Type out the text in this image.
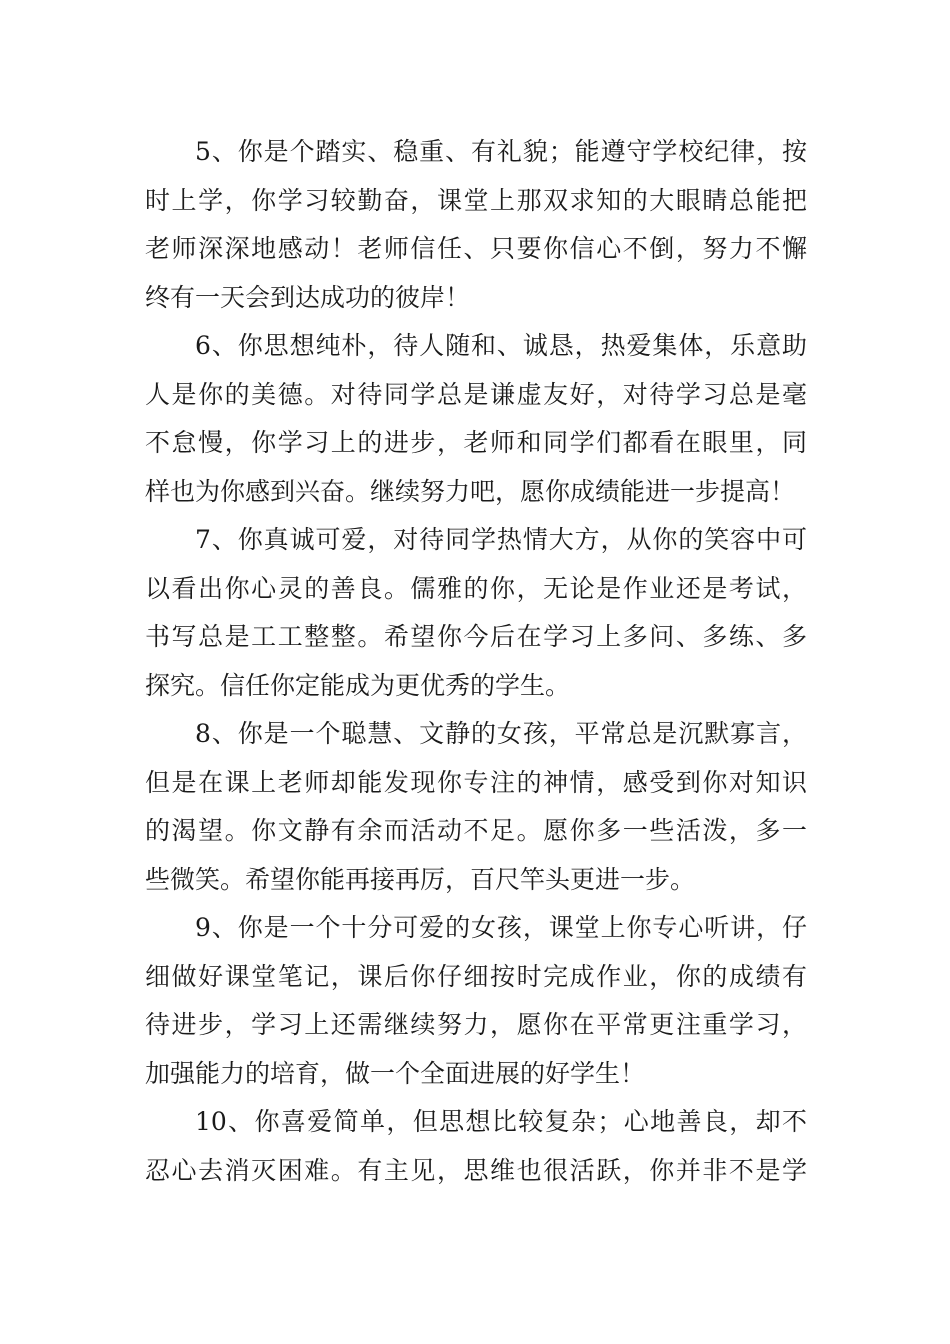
5、你是个踏实、稳重、有礼貌；能遵守学校纪律，按
时上学，你学习较勤奋，课堂上那双求知的大眼睛总能把
老师深深地感动！老师信任、只要你信心不倒，努力不懈
终有一天会到达成功的彼岸！
6、你思想纯朴，待人随和、诚恳，热爱集体，乐意助
人是你的美德。对待同学总是谦虚友好，对待学习总是毫
不怠慢，你学习上的进步，老师和同学们都看在眼里，同
样也为你感到兴奋。继续努力吧，愿你成绩能进一步提高！
7、你真诚可爱，对待同学热情大方，从你的笑容中可
以看出你心灵的善良。儒雅的你，无论是作业还是考试，
书写总是工工整整。希望你今后在学习上多问、多练、多
探究。信任你定能成为更优秀的学生。
8、你是一个聪慧、文静的女孩，平常总是沉默寡言，
但是在课上老师却能发现你专注的神情，感受到你对知识
的渴望。你文静有余而活动不足。愿你多一些活泼，多一
些微笑。希望你能再接再厉，百尺竿头更进一步。
9、你是一个十分可爱的女孩，课堂上你专心听讲，仔
细做好课堂笔记，课后你仔细按时完成作业，你的成绩有
待进步，学习上还需继续努力，愿你在平常更注重学习，
加强能力的培育，做一个全面进展的好学生！
10、你喜爱简单，但思想比较复杂；心地善良，却不
忍心去消灭困难。有主见，思维也很活跃，你并非不是学
